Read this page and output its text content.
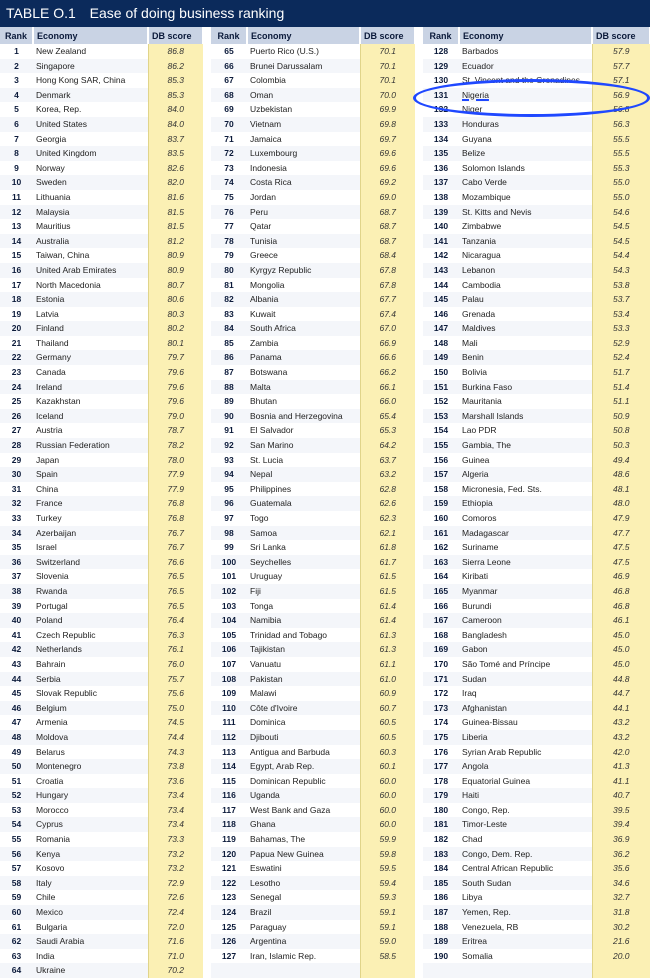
TABLE O.1 Ease of doing business ranking
Rank	Economy	DB score		Rank	Economy	DB score		Rank	Economy	DB score
1	New Zealand	86.8		65	Puerto Rico (U.S.)	70.1		128	Barbados	57.9
2	Singapore	86.2		66	Brunei Darussalam	70.1		129	Ecuador	57.7
3	Hong Kong SAR, China	85.3		67	Colombia	70.1		130	St. Vincent and the Grenadines	57.1
4	Denmark	85.3		68	Oman	70.0		131	Nigeria	56.9
5	Korea, Rep.	84.0		69	Uzbekistan	69.9		132	Niger	56.8
6	United States	84.0		70	Vietnam	69.8		133	Honduras	56.3
7	Georgia	83.7		71	Jamaica	69.7		134	Guyana	55.5
8	United Kingdom	83.5		72	Luxembourg	69.6		135	Belize	55.5
9	Norway	82.6		73	Indonesia	69.6		136	Solomon Islands	55.3
10	Sweden	82.0		74	Costa Rica	69.2		137	Cabo Verde	55.0
11	Lithuania	81.6		75	Jordan	69.0		138	Mozambique	55.0
12	Malaysia	81.5		76	Peru	68.7		139	St. Kitts and Nevis	54.6
13	Mauritius	81.5		77	Qatar	68.7		140	Zimbabwe	54.5
14	Australia	81.2		78	Tunisia	68.7		141	Tanzania	54.5
15	Taiwan, China	80.9		79	Greece	68.4		142	Nicaragua	54.4
16	United Arab Emirates	80.9		80	Kyrgyz Republic	67.8		143	Lebanon	54.3
17	North Macedonia	80.7		81	Mongolia	67.8		144	Cambodia	53.8
18	Estonia	80.6		82	Albania	67.7		145	Palau	53.7
19	Latvia	80.3		83	Kuwait	67.4		146	Grenada	53.4
20	Finland	80.2		84	South Africa	67.0		147	Maldives	53.3
21	Thailand	80.1		85	Zambia	66.9		148	Mali	52.9
22	Germany	79.7		86	Panama	66.6		149	Benin	52.4
23	Canada	79.6		87	Botswana	66.2		150	Bolivia	51.7
24	Ireland	79.6		88	Malta	66.1		151	Burkina Faso	51.4
25	Kazakhstan	79.6		89	Bhutan	66.0		152	Mauritania	51.1
26	Iceland	79.0		90	Bosnia and Herzegovina	65.4		153	Marshall Islands	50.9
27	Austria	78.7		91	El Salvador	65.3		154	Lao PDR	50.8
28	Russian Federation	78.2		92	San Marino	64.2		155	Gambia, The	50.3
29	Japan	78.0		93	St. Lucia	63.7		156	Guinea	49.4
30	Spain	77.9		94	Nepal	63.2		157	Algeria	48.6
31	China	77.9		95	Philippines	62.8		158	Micronesia, Fed. Sts.	48.1
32	France	76.8		96	Guatemala	62.6		159	Ethiopia	48.0
33	Turkey	76.8		97	Togo	62.3		160	Comoros	47.9
34	Azerbaijan	76.7		98	Samoa	62.1		161	Madagascar	47.7
35	Israel	76.7		99	Sri Lanka	61.8		162	Suriname	47.5
36	Switzerland	76.6		100	Seychelles	61.7		163	Sierra Leone	47.5
37	Slovenia	76.5		101	Uruguay	61.5		164	Kiribati	46.9
38	Rwanda	76.5		102	Fiji	61.5		165	Myanmar	46.8
39	Portugal	76.5		103	Tonga	61.4		166	Burundi	46.8
40	Poland	76.4		104	Namibia	61.4		167	Cameroon	46.1
41	Czech Republic	76.3		105	Trinidad and Tobago	61.3		168	Bangladesh	45.0
42	Netherlands	76.1		106	Tajikistan	61.3		169	Gabon	45.0
43	Bahrain	76.0		107	Vanuatu	61.1		170	São Tomé and Príncipe	45.0
44	Serbia	75.7		108	Pakistan	61.0		171	Sudan	44.8
45	Slovak Republic	75.6		109	Malawi	60.9		172	Iraq	44.7
46	Belgium	75.0		110	Côte d'Ivoire	60.7		173	Afghanistan	44.1
47	Armenia	74.5		111	Dominica	60.5		174	Guinea-Bissau	43.2
48	Moldova	74.4		112	Djibouti	60.5		175	Liberia	43.2
49	Belarus	74.3		113	Antigua and Barbuda	60.3		176	Syrian Arab Republic	42.0
50	Montenegro	73.8		114	Egypt, Arab Rep.	60.1		177	Angola	41.3
51	Croatia	73.6		115	Dominican Republic	60.0		178	Equatorial Guinea	41.1
52	Hungary	73.4		116	Uganda	60.0		179	Haiti	40.7
53	Morocco	73.4		117	West Bank and Gaza	60.0		180	Congo, Rep.	39.5
54	Cyprus	73.4		118	Ghana	60.0		181	Timor-Leste	39.4
55	Romania	73.3		119	Bahamas, The	59.9		182	Chad	36.9
56	Kenya	73.2		120	Papua New Guinea	59.8		183	Congo, Dem. Rep.	36.2
57	Kosovo	73.2		121	Eswatini	59.5		184	Central African Republic	35.6
58	Italy	72.9		122	Lesotho	59.4		185	South Sudan	34.6
59	Chile	72.6		123	Senegal	59.3		186	Libya	32.7
60	Mexico	72.4		124	Brazil	59.1		187	Yemen, Rep.	31.8
61	Bulgaria	72.0		125	Paraguay	59.1		188	Venezuela, RB	30.2
62	Saudi Arabia	71.6		126	Argentina	59.0		189	Eritrea	21.6
63	India	71.0		127	Iran, Islamic Rep.	58.5		190	Somalia	20.0
64	Ukraine	70.2								
